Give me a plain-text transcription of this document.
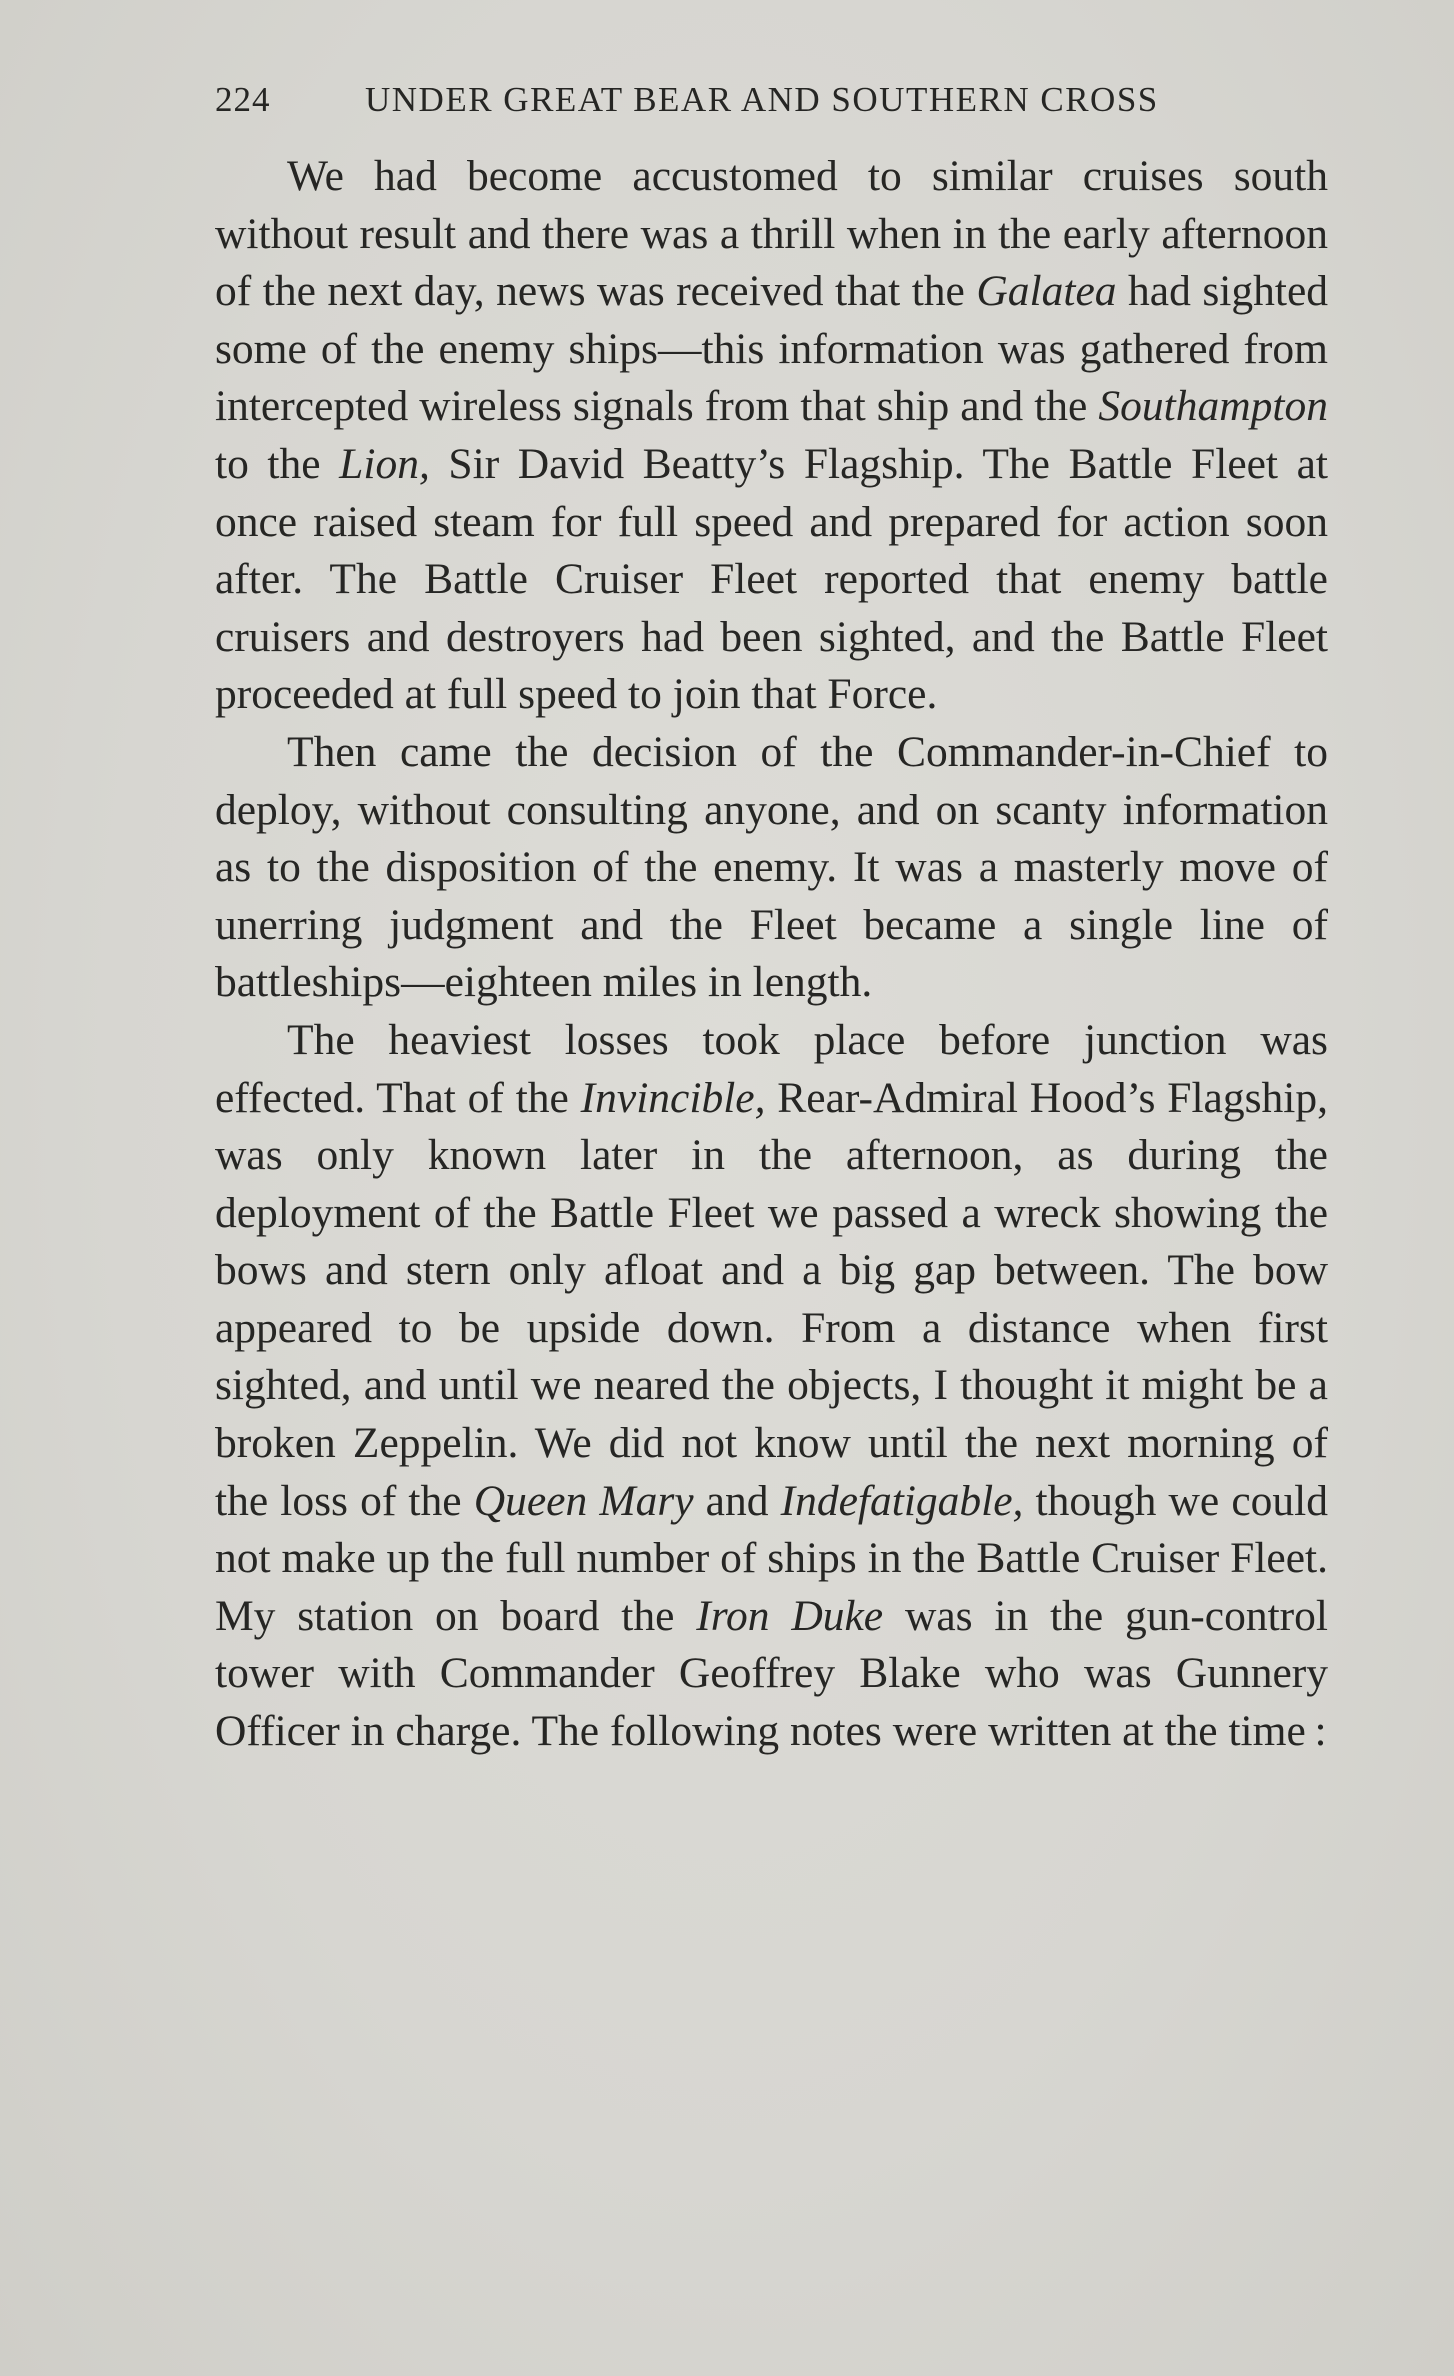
224	UNDER GREAT BEAR AND SOUTHERN CROSS

We had become accustomed to similar cruises south without result and there was a thrill when in the early afternoon of the next day, news was received that the Galatea had sighted some of the enemy ships—this information was gathered from intercepted wireless signals from that ship and the Southampton to the Lion, Sir David Beatty’s Flagship. The Battle Fleet at once raised steam for full speed and prepared for action soon after. The Battle Cruiser Fleet reported that enemy battle cruisers and destroyers had been sighted, and the Battle Fleet proceeded at full speed to join that Force.

Then came the decision of the Commander-in-Chief to deploy, without consulting anyone, and on scanty information as to the disposition of the enemy. It was a masterly move of unerring judgment and the Fleet became a single line of battleships—eighteen miles in length.

The heaviest losses took place before junction was effected. That of the Invincible, Rear-Admiral Hood’s Flagship, was only known later in the afternoon, as during the deployment of the Battle Fleet we passed a wreck showing the bows and stern only afloat and a big gap between. The bow appeared to be upside down. From a distance when first sighted, and until we neared the objects, I thought it might be a broken Zeppelin. We did not know until the next morning of the loss of the Queen Mary and Indefatigable, though we could not make up the full number of ships in the Battle Cruiser Fleet. My station on board the Iron Duke was in the gun-control tower with Commander Geoffrey Blake who was Gunnery Officer in charge. The following notes were written at the time :
